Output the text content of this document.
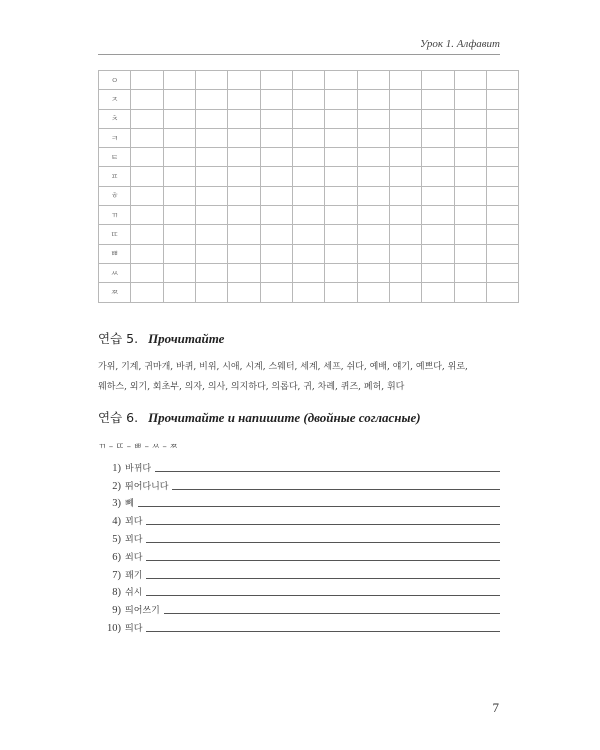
Урок 1. Алфавит
ㅇ												
ㅈ												
ㅊ												
ㅋ												
ㅌ												
ㅍ												
ㅎ												
ㄲ												
ㄸ												
ㅃ												
ㅆ												
ㅉ												
연습 5. Прочитайте
가위, 기계, 귀마개, 바퀴, 비위, 시애, 시계, 스웨터, 세계, 세프, 쉬다, 예배, 얘기, 예쁘다, 위로,
웨하스, 외기, 회초부, 의자, 의사, 의지하다, 의롭다, 귀, 차례, 퀴즈, 폐허, 휘다
연습 6. Прочитайте и напишите (двойные согласные)
ㄲ – ㄸ – ㅃ – ㅆ – ㅉ
1) 바뀌다
2) 뛰어다니다
3) 뼤
4) 꾀다
5) 꾀다
6) 쐬다
7) 꽤기
8) 쉬시
9) 띄어쓰기
10) 띄다
7
